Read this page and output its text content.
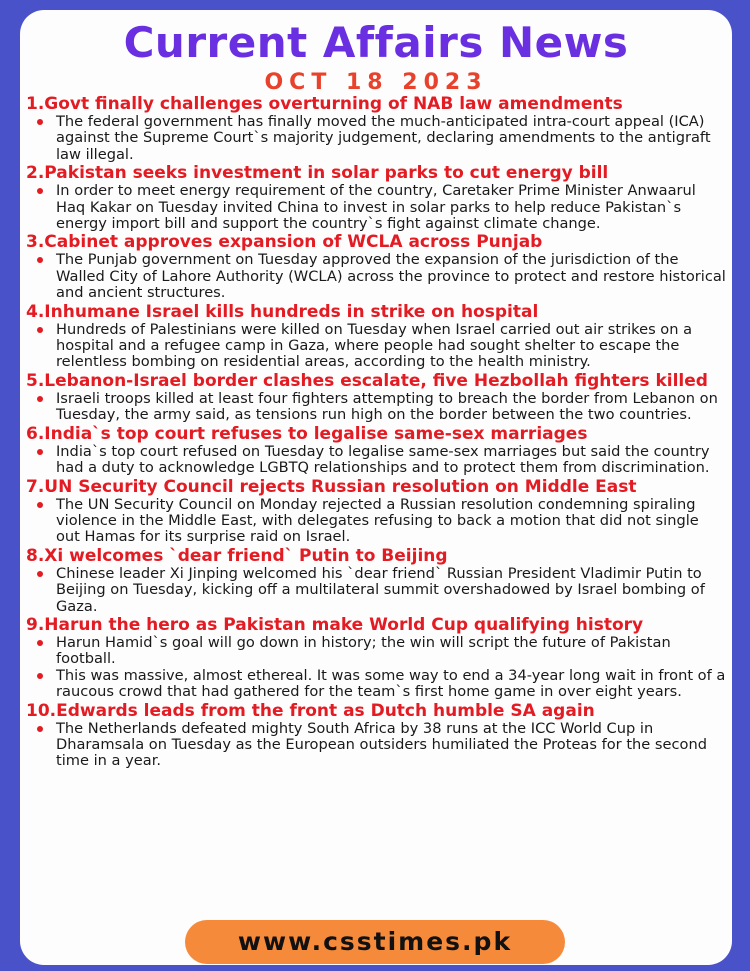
Current Affairs News
OCT 18 2023
1.Govt finally challenges overturning of NAB law amendments
The federal government has finally moved the much-anticipated intra-court appeal (ICA) against the Supreme Court`s majority judgement, declaring amendments to the antigraft law illegal.
2.Pakistan seeks investment in solar parks to cut energy bill
In order to meet energy requirement of the country, Caretaker Prime Minister Anwaarul Haq Kakar on Tuesday invited China to invest in solar parks to help reduce Pakistan`s energy import bill and support the country`s fight against climate change.
3.Cabinet approves expansion of WCLA across Punjab
The Punjab government on Tuesday approved the expansion of the jurisdiction of the Walled City of Lahore Authority (WCLA) across the province to protect and restore historical and ancient structures.
4.Inhumane Israel kills hundreds in strike on hospital
Hundreds of Palestinians were killed on Tuesday when Israel carried out air strikes on a hospital and a refugee camp in Gaza, where people had sought shelter to escape the relentless bombing on residential areas, according to the health ministry.
5.Lebanon-Israel border clashes escalate, five Hezbollah fighters killed
Israeli troops killed at least four fighters attempting to breach the border from Lebanon on Tuesday, the army said, as tensions run high on the border between the two countries.
6.India`s top court refuses to legalise same-sex marriages
India`s top court refused on Tuesday to legalise same-sex marriages but said the country had a duty to acknowledge LGBTQ relationships and to protect them from discrimination.
7.UN Security Council rejects Russian resolution on Middle East
The UN Security Council on Monday rejected a Russian resolution condemning spiraling violence in the Middle East, with delegates refusing to back a motion that did not single out Hamas for its surprise raid on Israel.
8.Xi welcomes `dear friend` Putin to Beijing
Chinese leader Xi Jinping welcomed his `dear friend` Russian President Vladimir Putin to Beijing on Tuesday, kicking off a multilateral summit overshadowed by Israel bombing of Gaza.
9.Harun the hero as Pakistan make World Cup qualifying history
Harun Hamid`s goal will go down in history; the win will script the future of Pakistan football.
This was massive, almost ethereal. It was some way to end a 34-year long wait in front of a raucous crowd that had gathered for the team`s first home game in over eight years.
10.Edwards leads from the front as Dutch humble SA again
The Netherlands defeated mighty South Africa by 38 runs at the ICC World Cup in Dharamsala on Tuesday as the European outsiders humiliated the Proteas for the second time in a year.
www.csstimes.pk
